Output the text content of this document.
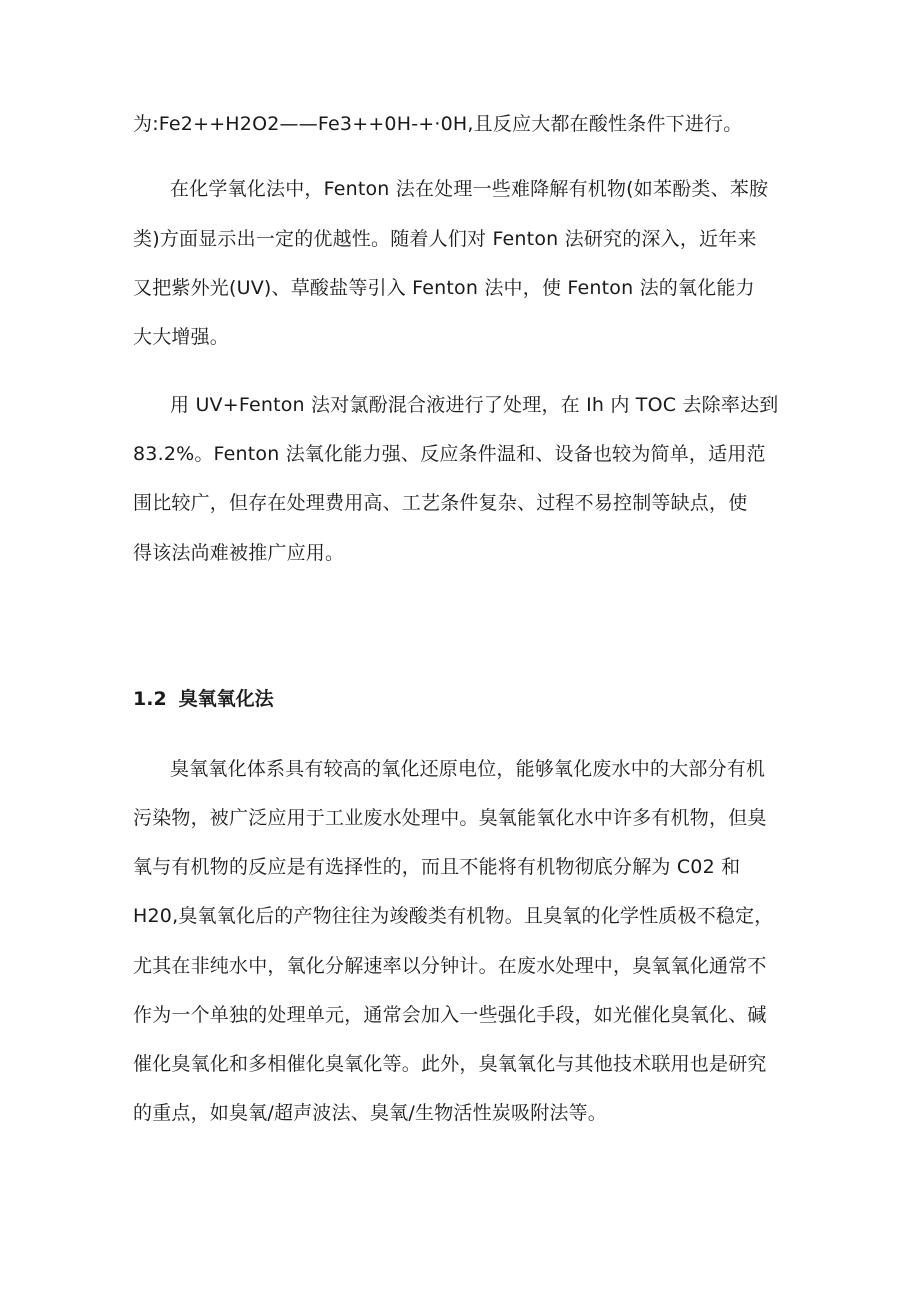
为:Fe2++H2O2——Fe3++0H-+·0H,且反应大都在酸性条件下进行。
在化学氧化法中，Fenton 法在处理一些难降解有机物(如苯酚类、苯胺
类)方面显示出一定的优越性。随着人们对 Fenton 法研究的深入，近年来
又把紫外光(UV)、草酸盐等引入 Fenton 法中，使 Fenton 法的氧化能力
大大增强。
用 UV+Fenton 法对氯酚混合液进行了处理，在 Ih 内 TOC 去除率达到
83.2%。Fenton 法氧化能力强、反应条件温和、设备也较为简单，适用范
围比较广，但存在处理费用高、工艺条件复杂、过程不易控制等缺点，使
得该法尚难被推广应用。
1.2 臭氧氧化法
臭氧氧化体系具有较高的氧化还原电位，能够氧化废水中的大部分有机
污染物，被广泛应用于工业废水处理中。臭氧能氧化水中许多有机物，但臭
氧与有机物的反应是有选择性的，而且不能将有机物彻底分解为 C02 和
H20,臭氧氧化后的产物往往为竣酸类有机物。且臭氧的化学性质极不稳定，
尤其在非纯水中，氧化分解速率以分钟计。在废水处理中，臭氧氧化通常不
作为一个单独的处理单元，通常会加入一些强化手段，如光催化臭氧化、碱
催化臭氧化和多相催化臭氧化等。此外，臭氧氧化与其他技术联用也是研究
的重点，如臭氧/超声波法、臭氧/生物活性炭吸附法等。
